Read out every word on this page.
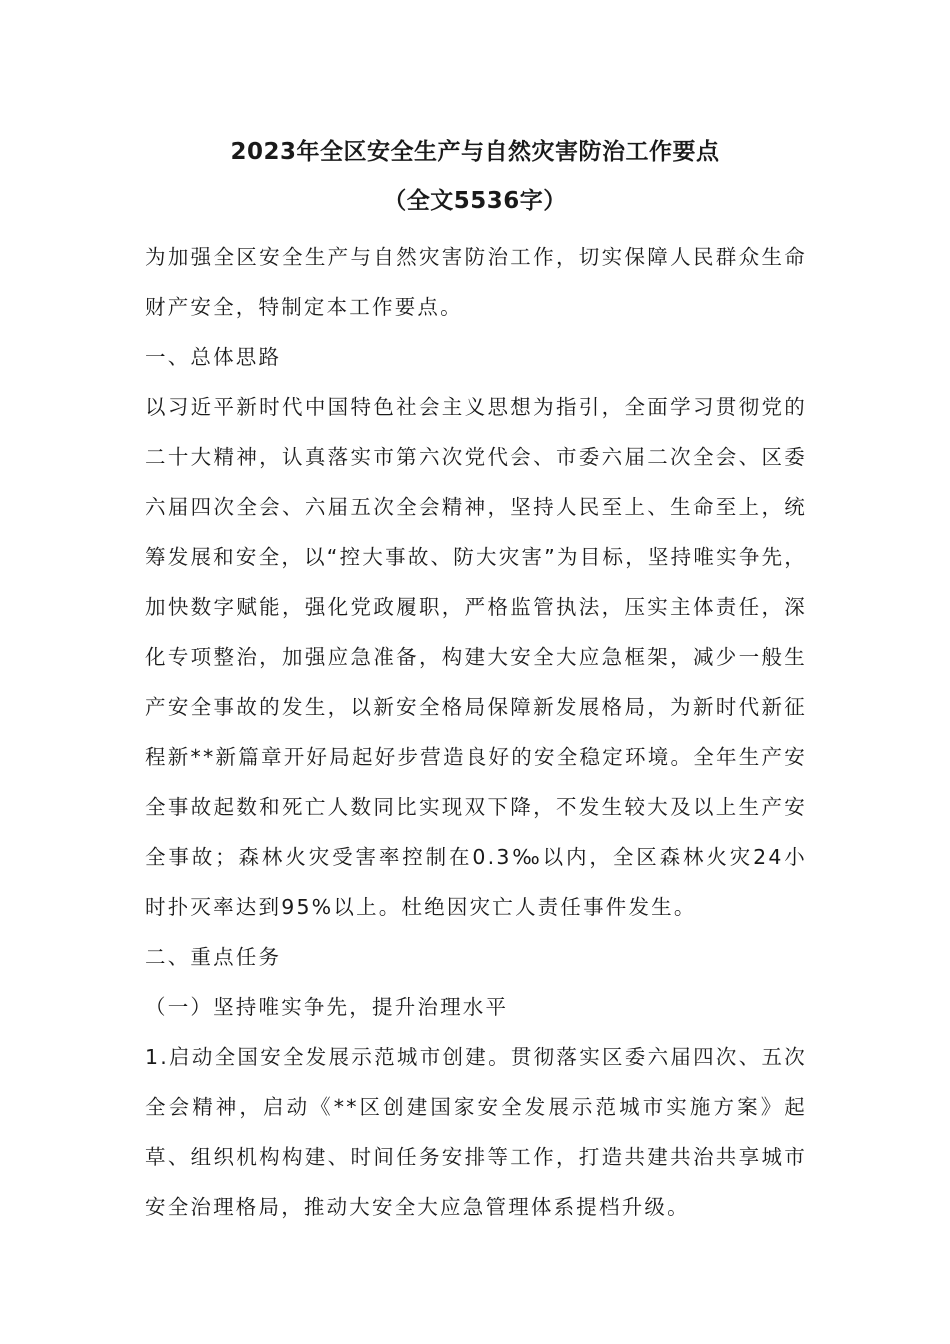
2023年全区安全生产与自然灾害防治工作要点
（全文5536字）

为加强全区安全生产与自然灾害防治工作，切实保障人民群众生命财产安全，特制定本工作要点。

一、总体思路

以习近平新时代中国特色社会主义思想为指引，全面学习贯彻党的二十大精神，认真落实市第六次党代会、市委六届二次全会、区委六届四次全会、六届五次全会精神，坚持人民至上、生命至上，统筹发展和安全，以“控大事故、防大灾害”为目标，坚持唯实争先，加快数字赋能，强化党政履职，严格监管执法，压实主体责任，深化专项整治，加强应急准备，构建大安全大应急框架，减少一般生产安全事故的发生，以新安全格局保障新发展格局，为新时代新征程新**新篇章开好局起好步营造良好的安全稳定环境。全年生产安全事故起数和死亡人数同比实现双下降，不发生较大及以上生产安全事故；森林火灾受害率控制在0.3‰以内，全区森林火灾24小时扑灭率达到95%以上。杜绝因灾亡人责任事件发生。

二、重点任务

（一）坚持唯实争先，提升治理水平

1.启动全国安全发展示范城市创建。贯彻落实区委六届四次、五次全会精神，启动《**区创建国家安全发展示范城市实施方案》起草、组织机构构建、时间任务安排等工作，打造共建共治共享城市安全治理格局，推动大安全大应急管理体系提档升级。
